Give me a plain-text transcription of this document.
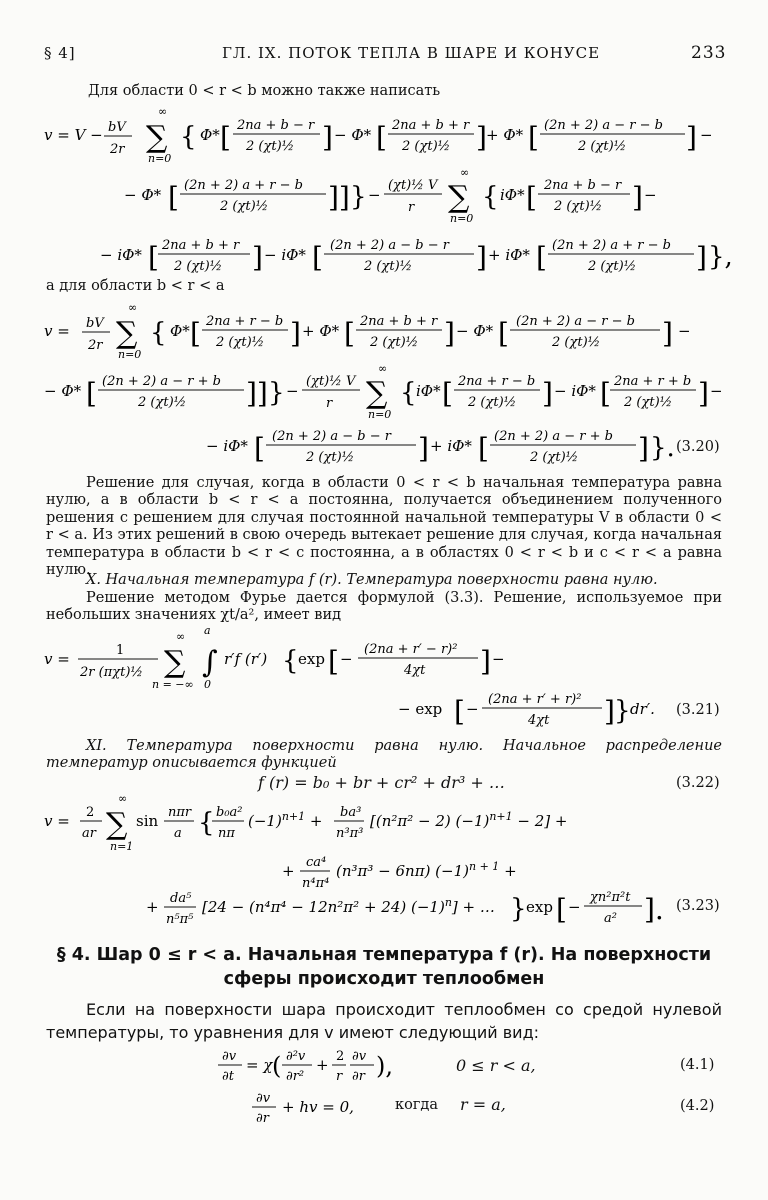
§ 4]	ГЛ. IX. ПОТОК ТЕПЛА В ШАРЕ И КОНУСЕ	233
Для области 0 < r < b можно также написать
v = V − bV
2r
∞
∑
n=0
{ Φ* [ 2na + b − r
2 (χt)½ ] − Φ* [ 2na + b + r
2 (χt)½ ] + Φ* [ (2n + 2) a − r − b
2 (χt)½ ] −
− Φ* [ (2n + 2) a + r − b
2 (χt)½ ]] } −
(χt)½ V
r
∞
∑
n=0
{ iΦ* [ 2na + b − r
2 (χt)½ ] −
− iΦ* [ 2na + b + r
2 (χt)½ ] − iΦ* [ (2n + 2) a − b − r
2 (χt)½ ] + iΦ* [ (2n + 2) a + r − b
2 (χt)½ ] },
а для области b < r < a
v = bV
2r
∞
∑
n=0
{ Φ* [ 2na + r − b
2 (χt)½ ] + Φ* [ 2na + b + r
2 (χt)½ ] − Φ* [ (2n + 2) a − r − b
2 (χt)½ ] −
− Φ* [ (2n + 2) a − r + b
2 (χt)½ ]] } −
(χt)½ V
r
∞
∑
n=0
{ iΦ* [ 2na + r − b
2 (χt)½ ] − iΦ* [ 2na + r + b
2 (χt)½ ] −
− iΦ* [ (2n + 2) a − b − r
2 (χt)½ ] + iΦ* [ (2n + 2) a − r + b
2 (χt)½ ] }. (3.20)

Решение для случая, когда в области 0 < r < b начальная температура равна нулю, а в области b < r < a постоянна, получается объединением полученного решения с решением для случая постоянной начальной температуры V в области 0 < r < a. Из этих решений в свою очередь вытекает решение для случая, когда начальная температура в области b < r < c постоянна, а в областях 0 < r < b и c < r < a равна нулю.

X. Начальная температура f (r). Температура поверхности равна нулю.

Решение методом Фурье дается формулой (3.3). Решение, используемое при небольших значениях χt/a², имеет вид

v =	1
2r (πχt)½
∞
∑
n = −∞
a
∫
0
r′f (r′) { exp [ −
(2na + r′ − r)²
4χt ] −
− exp [ −
(2na + r′ + r)²
4χt ] } dr′. (3.21)

XI. Температура поверхности равна нулю. Начальное распределение температур описывается функцией

f (r) = b₀ + br + cr² + dr³ + …	(3.22)
v = 2
ar
∞
∑
n=1
sin nπr
a { b₀a²
nπ
$(-1)^{n+1} + ba^3$
n³π³
[(n²π² − 2) $(-1)^{n+1} - 2$] +
+ ca⁴
n⁴π⁴
(n³π³ − 6nπ) $(-1)^{n + 1}$ +
+ da⁵
n⁵π⁵
[24 − (n⁴π⁴ − 12n²π² + 24) $(-1)^n$] + … } exp [ −
χn²π²t
a² ]. (3.23)
§ 4. Шар 0 ≤ r < a. Начальная температура f (r). На поверхности
сферы происходит теплообмен
Если на поверхности шара происходит теплообмен со средой нулевой температуры, то уравнения для v имеют следующий вид:
∂v
∂t
= χ ( ∂²v
∂r²
+ 2
r
∂v
∂r ),	0 ≤ r < a,	(4.1)
∂v
∂r
+ hv = 0,	когда r = a,	(4.2)
